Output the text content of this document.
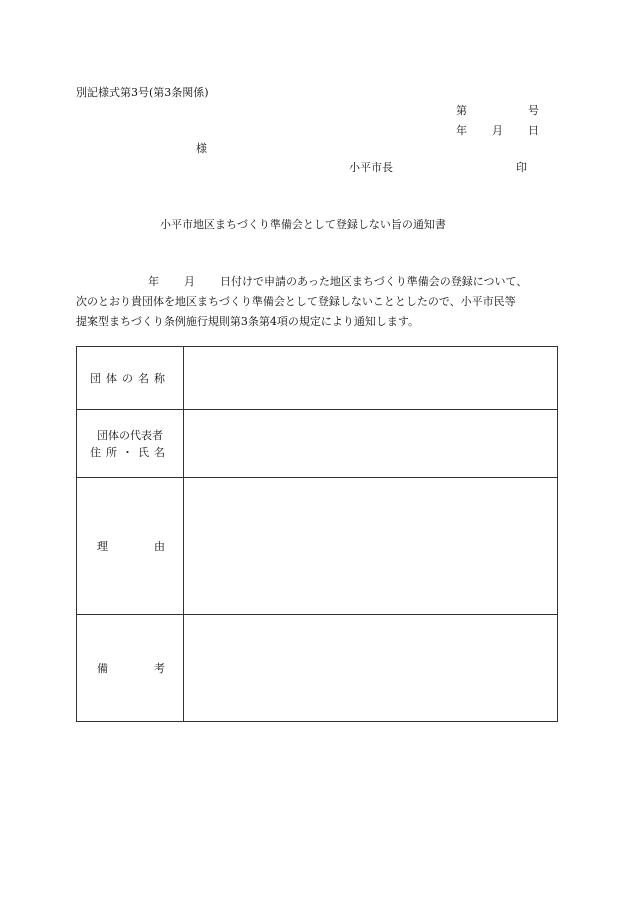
別記様式第3号(第3条関係)
第	号
年 月 日
様
小平市長	印
小平市地区まちづくり準備会として登録しない旨の通知書
年 月 日付けで申請のあった地区まちづくり準備会の登録について、
次のとおり貴団体を地区まちづくり準備会として登録しないこととしたので、小平市民等
提案型まちづくり条例施行規則第3条第4項の規定により通知します。
団体の名称	
団体の代表者
住所・氏名	

理 由	

備 考	
